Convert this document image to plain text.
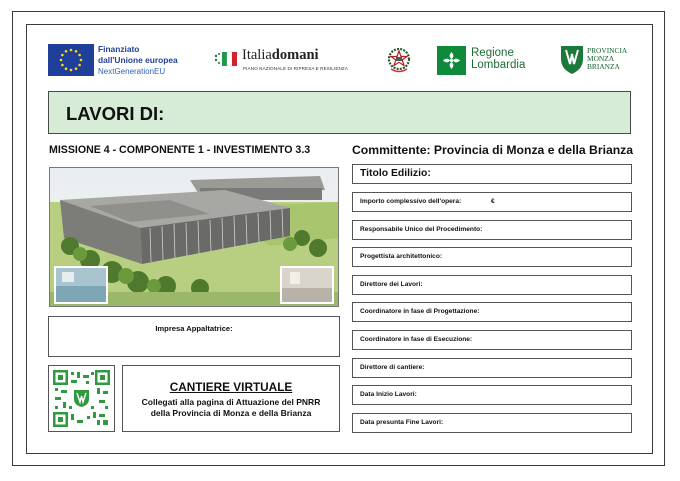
Finanziato
dall'Unione europea
NextGenerationEU
Italiadomani
PIANO NAZIONALE DI RIPRESA E RESILIENZA
Regione
Lombardia
PROVINCIA
MONZA
BRIANZA
LAVORI DI:
MISSIONE 4 - COMPONENTE 1 - INVESTIMENTO 3.3	Committente: Provincia di Monza e della Brianza
Impresa Appaltatrice:
CANTIERE VIRTUALE
Collegati alla pagina di Attuazione del PNRR
della Provincia di Monza e della Brianza
Titolo Edilizio:
Importo complessivo dell'opera:	€
Responsabile Unico del Procedimento:
Progettista architettonico:
Direttore dei Lavori:
Coordinatore in fase di Progettazione:
Coordinatore in fase di Esecuzione:
Direttore di cantiere:
Data Inizio Lavori:
Data presunta Fine Lavori:
